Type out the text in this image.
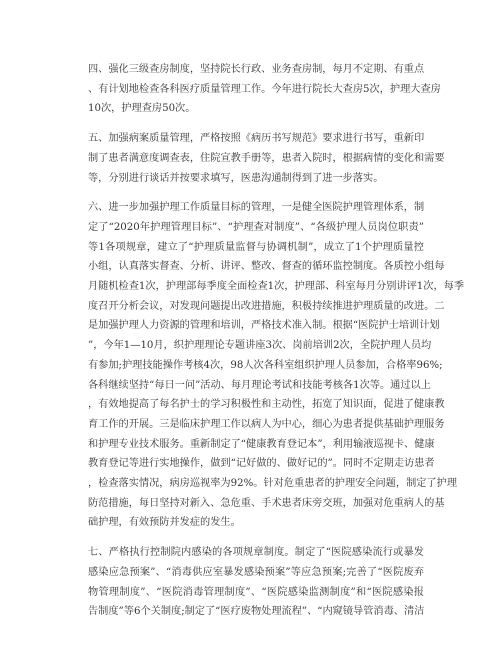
四、强化三级查房制度，坚持院长行政、业务查房制，每月不定期、有重点
、有计划地检查各科医疗质量管理工作。今年进行院长大查房5次，护理大查房
10次，护理查房50次。

五、加强病案质量管理，严格按照《病历书写规范》要求进行书写，重新印
制了患者满意度调查表，住院宣教手册等，患者入院时，根据病情的变化和需要
等，分别进行谈话并按要求填写，医患沟通制得到了进一步落实。

六、进一步加强护理工作质量目标的管理，一是健全医院护理管理体系，制
定了“2020年护理管理目标”、“护理查对制度”、“各级护理人员岗位职责”
等1各项规章，建立了“护理质量监督与协调机制”，成立了1个护理质量控
小组，认真落实督查、分析、讲评、整改、督查的循环监控制度。各质控小组每
月随机检查1次，护理部每季度全面检查1次，护理部、科室每月分别讲评1次，每季
度召开分析会议，对发现问题提出改进措施，积极持续推进护理质量的改进。二
是加强护理人力资源的管理和培训，严格技术准入制。根据“医院护士培训计划
”，今年1—10月，织护理理论专题讲座3次、岗前培训2次，全院护理人员均
有参加;护理技能操作考核4次，98人次各科室组织护理人员参加，合格率96%;
各科继续坚持“每日一问”活动、每月理论考试和技能考核各1次等。通过以上
，有效地提高了每名护士的学习积极性和主动性，拓宽了知识面，促进了健康教
育工作的开展。三是临床护理工作以病人为中心，细心为患者提供基础护理服务
和护理专业技术服务。重新制定了“健康教育登记本”，利用输液巡视卡、健康
教育登记等进行实地操作，做到“记好做的、做好记的”。同时不定期走访患者
，检查落实情况，病房巡视率为92%。针对危重患者的护理安全问题，制定了护理
防范措施，每日坚持对新入、急危重、手术患者床旁交班，加强对危重病人的基
础护理，有效预防并发症的发生。

七、严格执行控制院内感染的各项规章制度。制定了“医院感染流行或暴发
感染应急预案”、“消毒供应室暴发感染预案”等应急预案;完善了“医院废弃
物管理制度”、“医院消毒管理制度”、“医院感染监测制度”和“医院感染报
告制度”等6个关制度;制定了“医疗废物处理流程”、“内窥镜导管消毒、清洁
